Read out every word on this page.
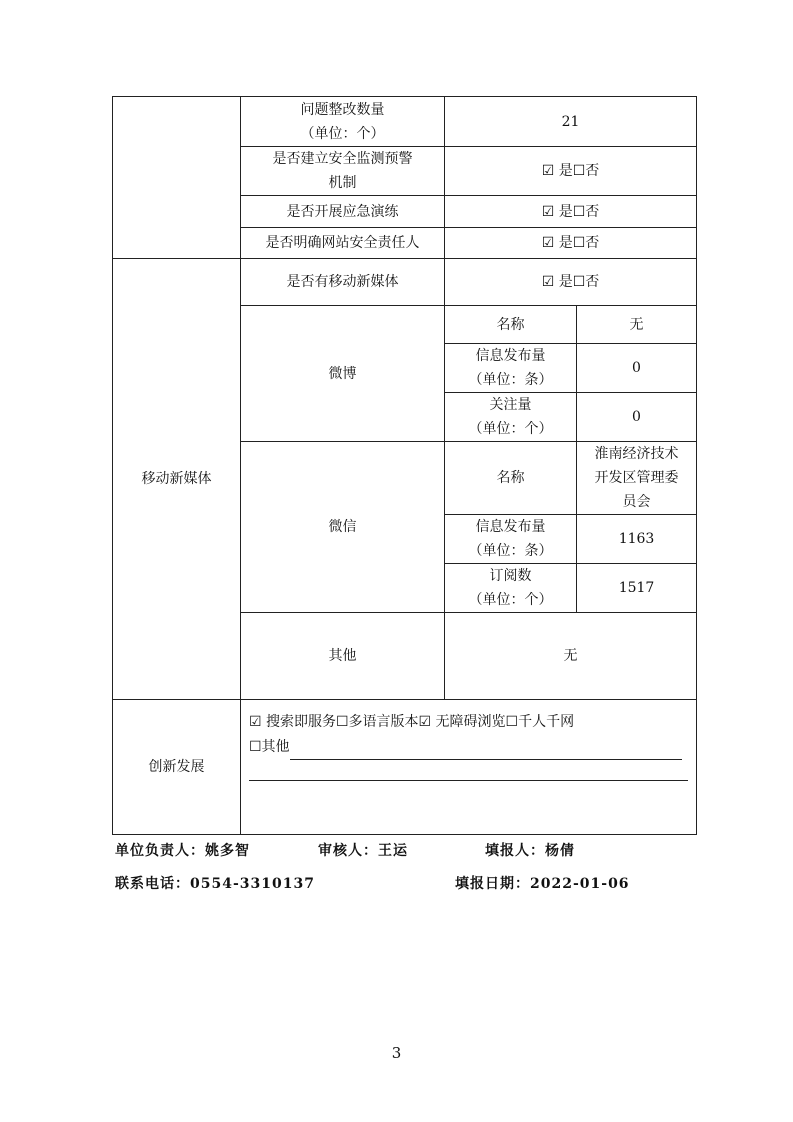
	问题整改数量
（单位：个）	21	

	是否建立安全监测预警
机制	☑ 是☐否	
	是否开展应急演练	☑ 是☐否	
	是否明确网站安全责任人	☑ 是☐否	
移动新媒体	是否有移动新媒体	☑ 是☐否	
	微博	名称	无

		信息发布量
（单位：条）	0

		关注量
（单位：个）	0
	微信	名称	淮南经济技术
开发区管理委
员会

		信息发布量
（单位：条）	1163

		订阅数
（单位：个）	1517
	其他	无	
创新发展	☑ 搜索即服务☐多语言版本☑ 无障碍浏览☐千人千网
☐其他		
单位负责人：姚多智	审核人：王运	填报人：杨倩
联系电话：0554-3310137	填报日期：2022-01-06
3
